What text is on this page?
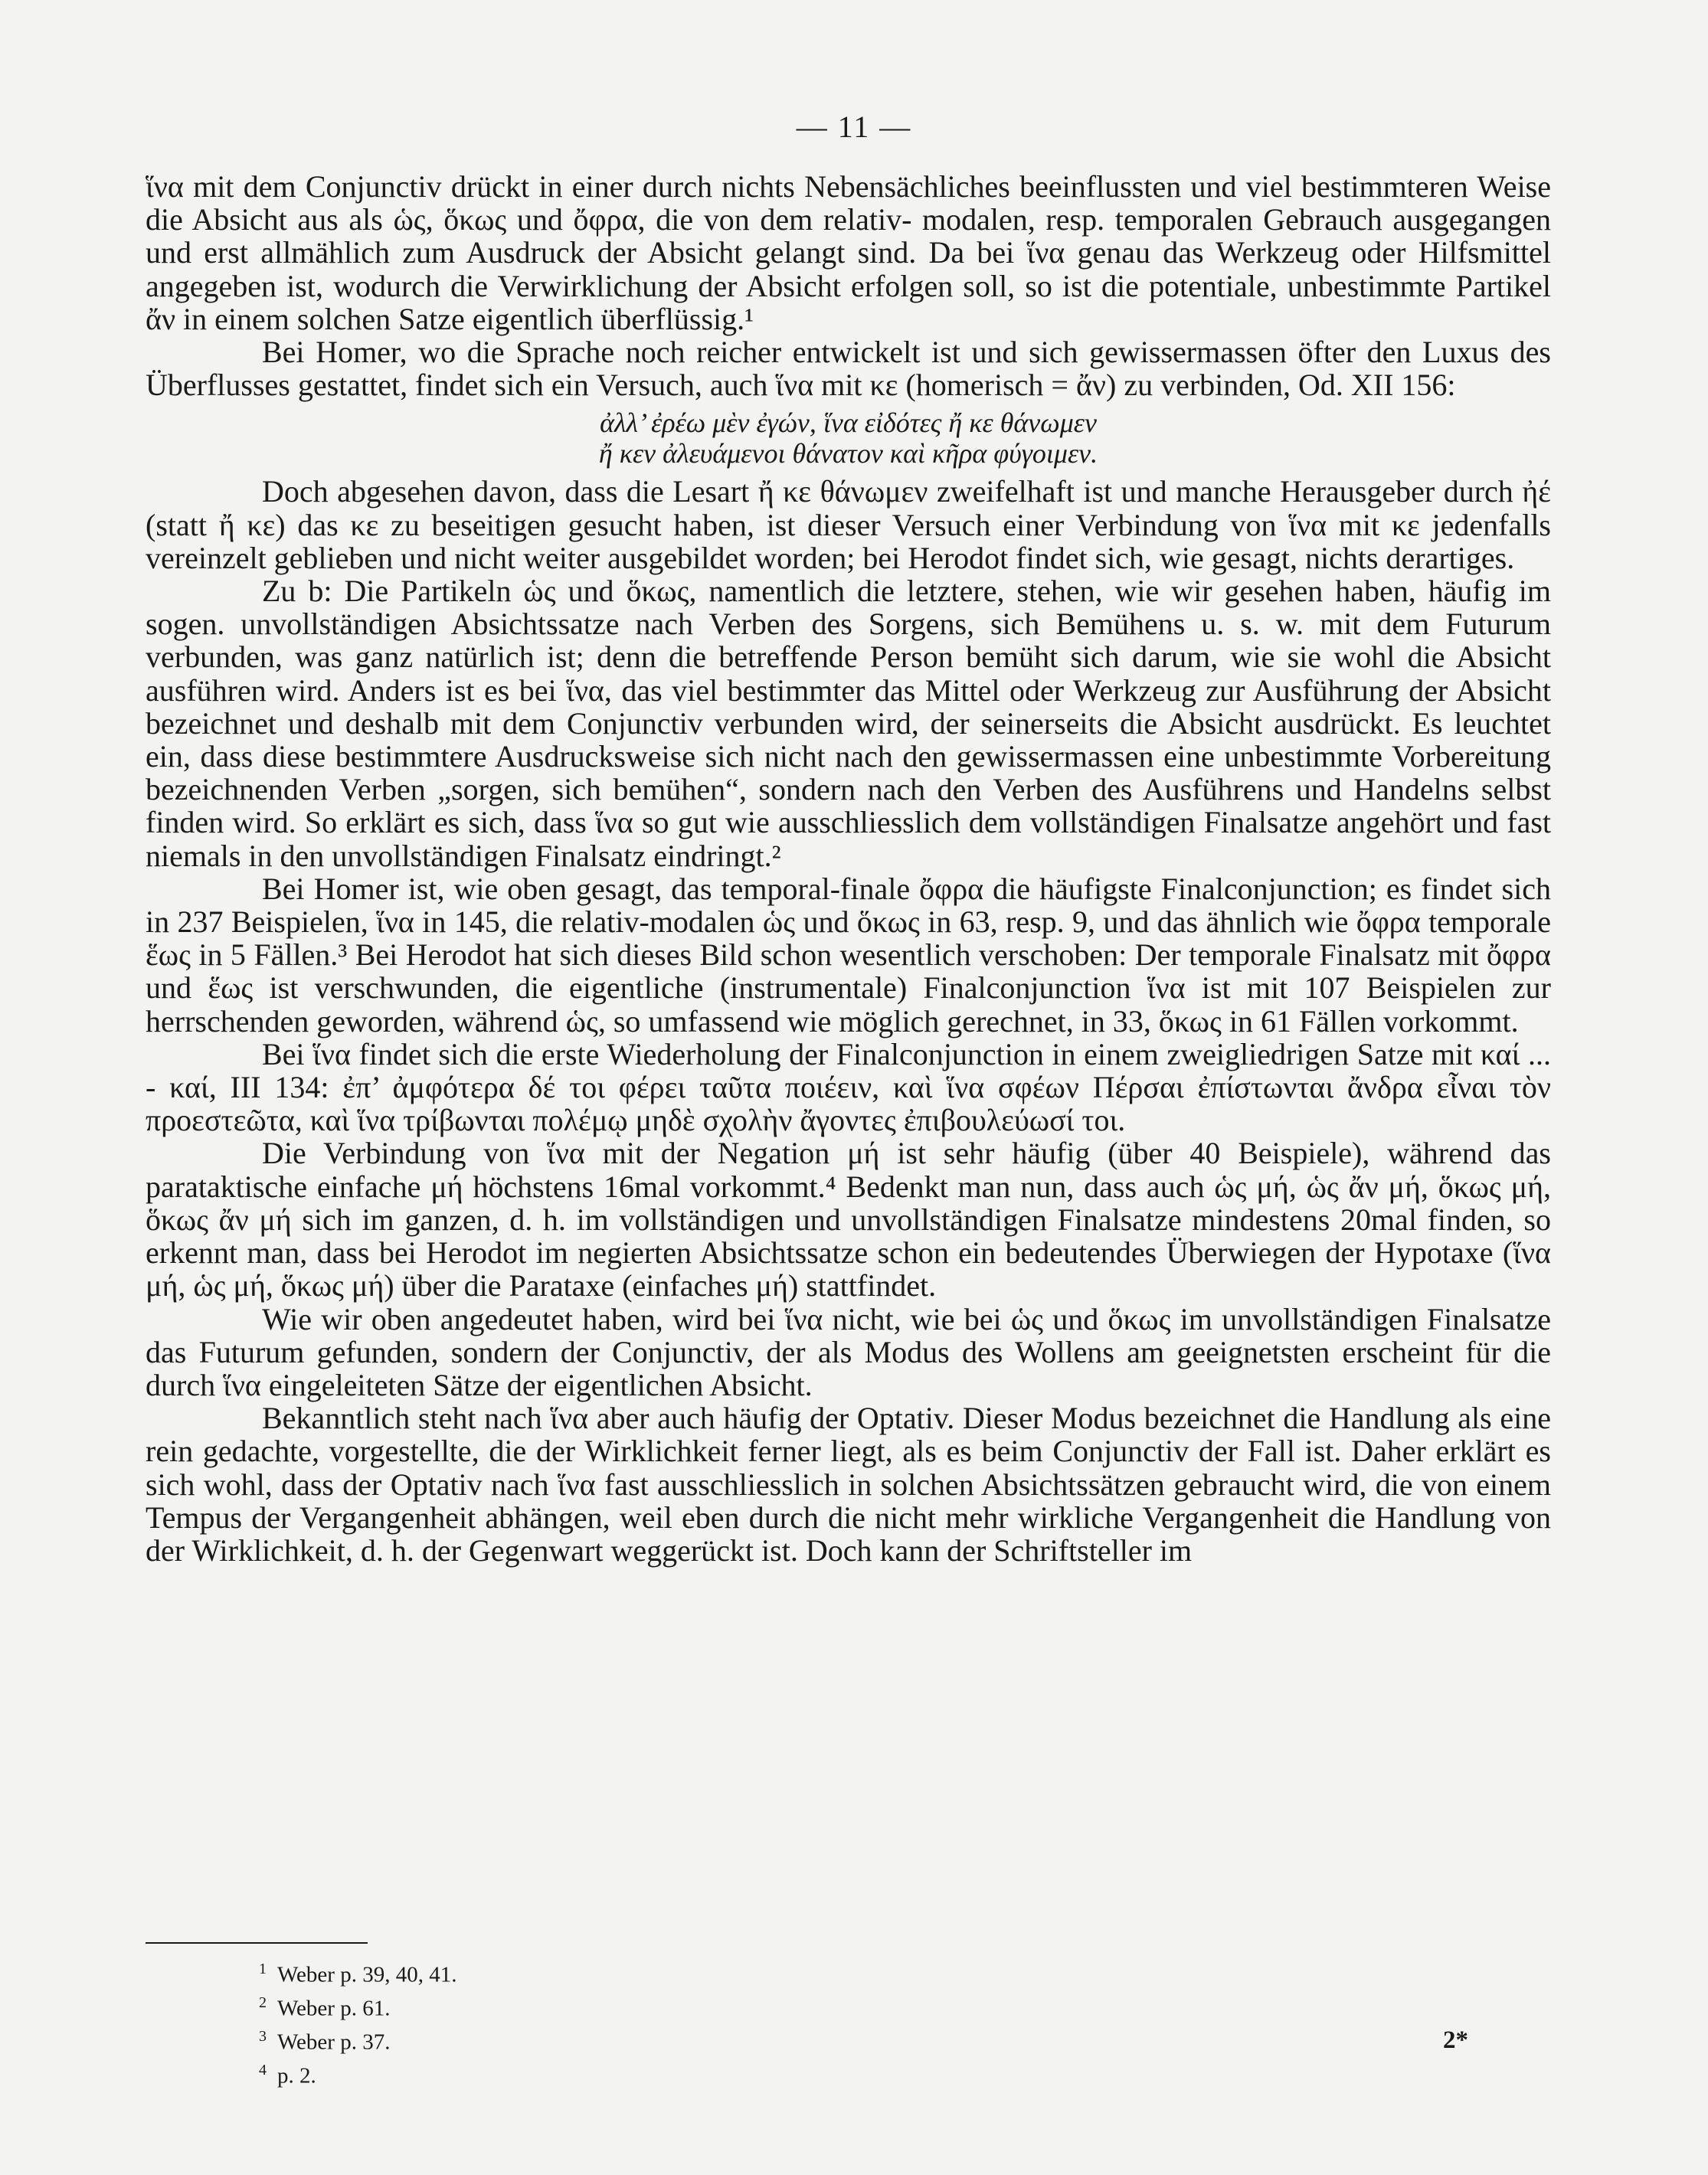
— 11 —

ἵνα mit dem Conjunctiv drückt in einer durch nichts Nebensächliches beeinflussten und viel bestimmteren Weise die Absicht aus als ὡς, ὅκως und ὄφρα, die von dem relativ- modalen, resp. temporalen Gebrauch ausgegangen und erst allmählich zum Ausdruck der Absicht gelangt sind. Da bei ἵνα genau das Werkzeug oder Hilfsmittel angegeben ist, wodurch die Verwirklichung der Absicht erfolgen soll, so ist die potentiale, unbestimmte Partikel ἄν in einem solchen Satze eigentlich überflüssig.¹

Bei Homer, wo die Sprache noch reicher entwickelt ist und sich gewissermassen öfter den Luxus des Überflusses gestattet, findet sich ein Versuch, auch ἵνα mit κε (homerisch = ἄν) zu verbinden, Od. XII 156:

ἀλλ’ ἐρέω μὲν ἐγών, ἵνα εἰδότες ἤ κε θάνωμεν
ἤ κεν ἀλευάμενοι θάνατον καὶ κῆρα φύγοιμεν.

Doch abgesehen davon, dass die Lesart ἤ κε θάνωμεν zweifelhaft ist und manche Herausgeber durch ἠέ (statt ἤ κε) das κε zu beseitigen gesucht haben, ist dieser Versuch einer Verbindung von ἵνα mit κε jedenfalls vereinzelt geblieben und nicht weiter ausgebildet worden; bei Herodot findet sich, wie gesagt, nichts derartiges.

Zu b: Die Partikeln ὡς und ὅκως, namentlich die letztere, stehen, wie wir gesehen haben, häufig im sogen. unvollständigen Absichtssatze nach Verben des Sorgens, sich Bemühens u. s. w. mit dem Futurum verbunden, was ganz natürlich ist; denn die betreffende Person bemüht sich darum, wie sie wohl die Absicht ausführen wird. Anders ist es bei ἵνα, das viel bestimmter das Mittel oder Werkzeug zur Ausführung der Absicht bezeichnet und deshalb mit dem Conjunctiv verbunden wird, der seinerseits die Absicht ausdrückt. Es leuchtet ein, dass diese bestimmtere Ausdrucksweise sich nicht nach den gewissermassen eine unbestimmte Vorbereitung bezeichnenden Verben „sorgen, sich bemühen“, sondern nach den Verben des Ausführens und Handelns selbst finden wird. So erklärt es sich, dass ἵνα so gut wie ausschliesslich dem vollständigen Finalsatze angehört und fast niemals in den unvollständigen Finalsatz eindringt.²

Bei Homer ist, wie oben gesagt, das temporal-finale ὄφρα die häufigste Finalconjunction; es findet sich in 237 Beispielen, ἵνα in 145, die relativ-modalen ὡς und ὅκως in 63, resp. 9, und das ähnlich wie ὄφρα temporale ἕως in 5 Fällen.³ Bei Herodot hat sich dieses Bild schon wesentlich verschoben: Der temporale Finalsatz mit ὄφρα und ἕως ist verschwunden, die eigentliche (instrumentale) Finalconjunction ἵνα ist mit 107 Beispielen zur herrschenden geworden, während ὡς, so umfassend wie möglich gerechnet, in 33, ὅκως in 61 Fällen vorkommt.

Bei ἵνα findet sich die erste Wiederholung der Finalconjunction in einem zweigliedrigen Satze mit καί ... - καί, III 134: ἐπ’ ἀμφότερα δέ τοι φέρει ταῦτα ποιέειν, καὶ ἵνα σφέων Πέρσαι ἐπίστωνται ἄνδρα εἶναι τὸν προεστεῶτα, καὶ ἵνα τρίβωνται πολέμῳ μηδὲ σχολὴν ἄγοντες ἐπιβουλεύωσί τοι.

Die Verbindung von ἵνα mit der Negation μή ist sehr häufig (über 40 Beispiele), während das parataktische einfache μή höchstens 16mal vorkommt.⁴ Bedenkt man nun, dass auch ὡς μή, ὡς ἄν μή, ὅκως μή, ὅκως ἄν μή sich im ganzen, d. h. im vollständigen und unvollständigen Finalsatze mindestens 20mal finden, so erkennt man, dass bei Herodot im negierten Absichtssatze schon ein bedeutendes Überwiegen der Hypotaxe (ἵνα μή, ὡς μή, ὅκως μή) über die Parataxe (einfaches μή) stattfindet.

Wie wir oben angedeutet haben, wird bei ἵνα nicht, wie bei ὡς und ὅκως im unvollständigen Finalsatze das Futurum gefunden, sondern der Conjunctiv, der als Modus des Wollens am geeignetsten erscheint für die durch ἵνα eingeleiteten Sätze der eigentlichen Absicht.

Bekanntlich steht nach ἵνα aber auch häufig der Optativ. Dieser Modus bezeichnet die Handlung als eine rein gedachte, vorgestellte, die der Wirklichkeit ferner liegt, als es beim Conjunctiv der Fall ist. Daher erklärt es sich wohl, dass der Optativ nach ἵνα fast ausschliesslich in solchen Absichtssätzen gebraucht wird, die von einem Tempus der Vergangenheit abhängen, weil eben durch die nicht mehr wirkliche Vergangenheit die Handlung von der Wirklichkeit, d. h. der Gegenwart weggerückt ist. Doch kann der Schriftsteller im

$^1$ Weber p. 39, 40, 41.
$^2$ Weber p. 61.
$^3$ Weber p. 37.
$^4$ p. 2.
2*
